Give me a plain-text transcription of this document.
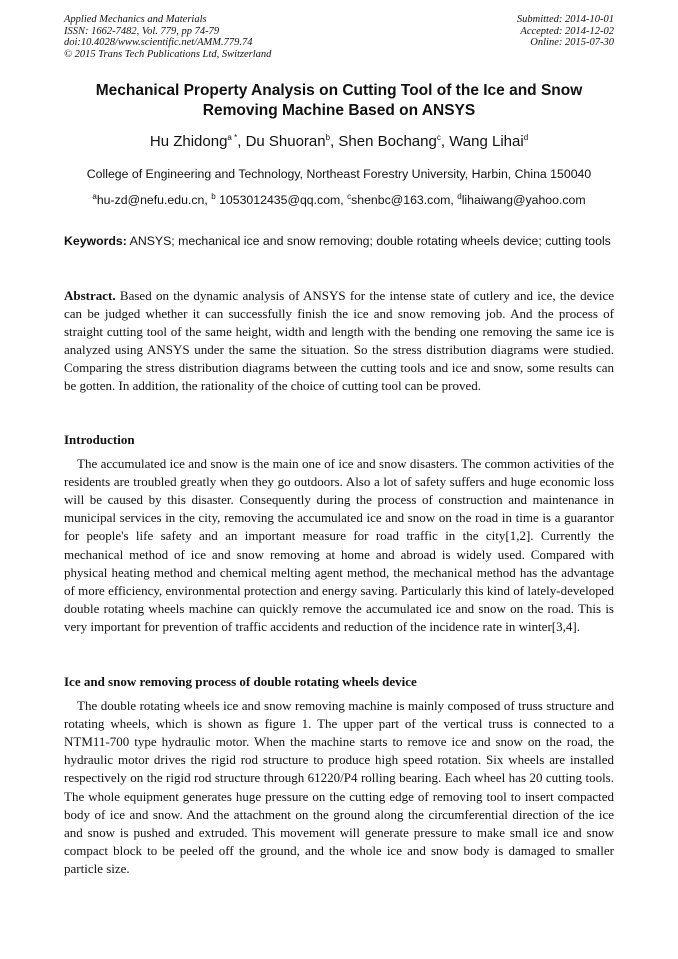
Applied Mechanics and Materials
ISSN: 1662-7482, Vol. 779, pp 74-79
doi:10.4028/www.scientific.net/AMM.779.74
© 2015 Trans Tech Publications Ltd, Switzerland
Submitted: 2014-10-01
Accepted: 2014-12-02
Online: 2015-07-30
Mechanical Property Analysis on Cutting Tool of the Ice and Snow Removing Machine Based on ANSYS
Hu Zhidong$^{a *}$, Du Shuoran$^b$, Shen Bochang$^c$, Wang Lihai$^d$
College of Engineering and Technology, Northeast Forestry University, Harbin, China 150040
$^a$hu-zd@nefu.edu.cn, $^b$ 1053012435@qq.com, $^c$shenbc@163.com, $^d$lihaiwang@yahoo.com
Keywords: ANSYS; mechanical ice and snow removing; double rotating wheels device; cutting tools

Abstract. Based on the dynamic analysis of ANSYS for the intense state of cutlery and ice, the device can be judged whether it can successfully finish the ice and snow removing job. And the process of straight cutting tool of the same height, width and length with the bending one removing the same ice is analyzed using ANSYS under the same the situation. So the stress distribution diagrams were studied. Comparing the stress distribution diagrams between the cutting tools and ice and snow, some results can be gotten. In addition, the rationality of the choice of cutting tool can be proved.

Introduction

The accumulated ice and snow is the main one of ice and snow disasters. The common activities of the residents are troubled greatly when they go outdoors. Also a lot of safety suffers and huge economic loss will be caused by this disaster. Consequently during the process of construction and maintenance in municipal services in the city, removing the accumulated ice and snow on the road in time is a guarantor for people's life safety and an important measure for road traffic in the city[1,2]. Currently the mechanical method of ice and snow removing at home and abroad is widely used. Compared with physical heating method and chemical melting agent method, the mechanical method has the advantage of more efficiency, environmental protection and energy saving. Particularly this kind of lately-developed double rotating wheels machine can quickly remove the accumulated ice and snow on the road. This is very important for prevention of traffic accidents and reduction of the incidence rate in winter[3,4].

Ice and snow removing process of double rotating wheels device

The double rotating wheels ice and snow removing machine is mainly composed of truss structure and rotating wheels, which is shown as figure 1. The upper part of the vertical truss is connected to a NTM11-700 type hydraulic motor. When the machine starts to remove ice and snow on the road, the hydraulic motor drives the rigid rod structure to produce high speed rotation. Six wheels are installed respectively on the rigid rod structure through 61220/P4 rolling bearing. Each wheel has 20 cutting tools. The whole equipment generates huge pressure on the cutting edge of removing tool to insert compacted body of ice and snow. And the attachment on the ground along the circumferential direction of the ice and snow is pushed and extruded. This movement will generate pressure to make small ice and snow compact block to be peeled off the ground, and the whole ice and snow body is damaged to smaller particle size.
